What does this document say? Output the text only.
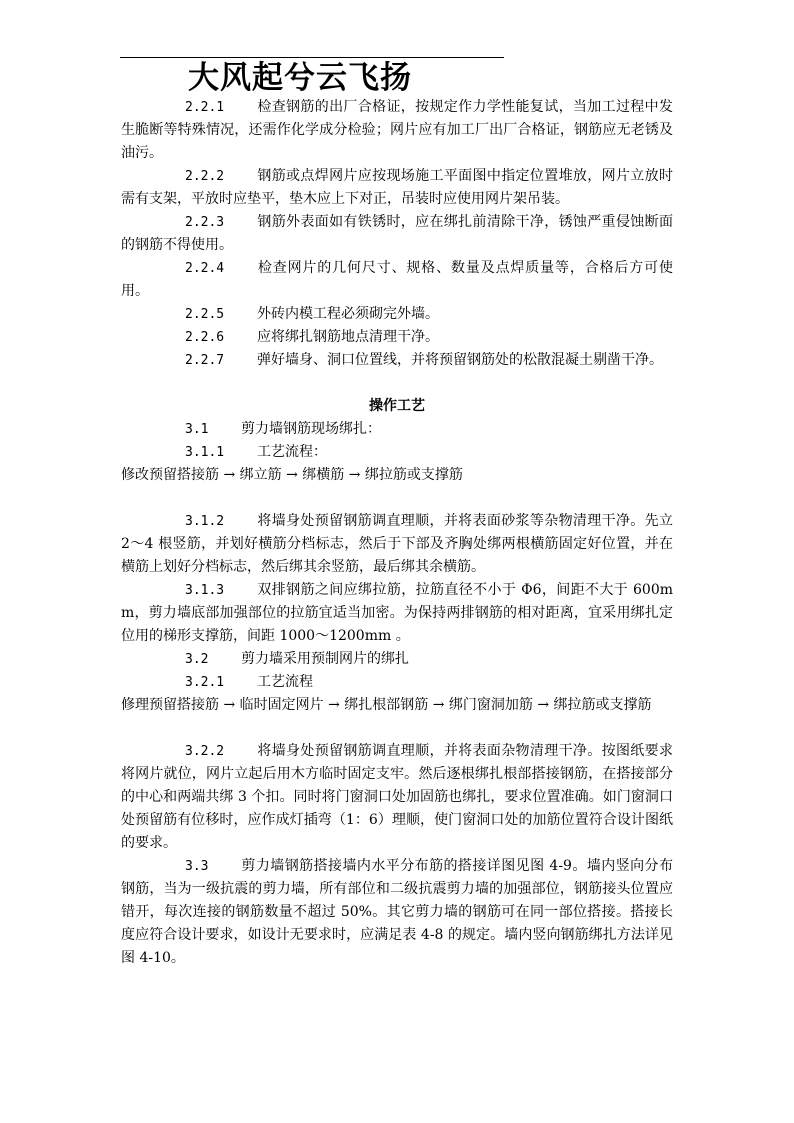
大风起兮云飞扬

2.2.1 检查钢筋的出厂合格证，按规定作力学性能复试，当加工过程中发生脆断等特殊情况，还需作化学成分检验；网片应有加工厂出厂合格证，钢筋应无老锈及油污。

2.2.2 钢筋或点焊网片应按现场施工平面图中指定位置堆放，网片立放时需有支架，平放时应垫平，垫木应上下对正，吊装时应使用网片架吊装。

2.2.3 钢筋外表面如有铁锈时，应在绑扎前清除干净，锈蚀严重侵蚀断面的钢筋不得使用。

2.2.4 检查网片的几何尺寸、规格、数量及点焊质量等，合格后方可使用。

2.2.5 外砖内模工程必须砌完外墙。

2.2.6 应将绑扎钢筋地点清理干净。

2.2.7 弹好墙身、洞口位置线，并将预留钢筋处的松散混凝土剔凿干净。

操作工艺

3.1 剪力墙钢筋现场绑扎：

3.1.1 工艺流程：

修改预留搭接筋 → 绑立筋 → 绑横筋 → 绑拉筋或支撑筋

3.1.2 将墙身处预留钢筋调直理顺，并将表面砂浆等杂物清理干净。先立 2～4 根竖筋，并划好横筋分档标志，然后于下部及齐胸处绑两根横筋固定好位置，并在横筋上划好分档标志，然后绑其余竖筋，最后绑其余横筋。

3.1.3 双排钢筋之间应绑拉筋，拉筋直径不小于 Φ6，间距不大于 600mm，剪力墙底部加强部位的拉筋宜适当加密。为保持两排钢筋的相对距离，宜采用绑扎定位用的梯形支撑筋，间距 1000～1200mm 。

3.2 剪力墙采用预制网片的绑扎

3.2.1 工艺流程

修理预留搭接筋 → 临时固定网片 → 绑扎根部钢筋 → 绑门窗洞加筋 → 绑拉筋或支撑筋

3.2.2 将墙身处预留钢筋调直理顺，并将表面杂物清理干净。按图纸要求将网片就位，网片立起后用木方临时固定支牢。然后逐根绑扎根部搭接钢筋，在搭接部分的中心和两端共绑 3 个扣。同时将门窗洞口处加固筋也绑扎，要求位置准确。如门窗洞口处预留筋有位移时，应作成灯插弯（1：6）理顺，使门窗洞口处的加筋位置符合设计图纸的要求。

3.3 剪力墙钢筋搭接墙内水平分布筋的搭接详图见图 4-9。墙内竖向分布钢筋，当为一级抗震的剪力墙，所有部位和二级抗震剪力墙的加强部位，钢筋接头位置应错开，每次连接的钢筋数量不超过 50%。其它剪力墙的钢筋可在同一部位搭接。搭接长度应符合设计要求，如设计无要求时，应满足表 4-8 的规定。墙内竖向钢筋绑扎方法详见图 4-10。
